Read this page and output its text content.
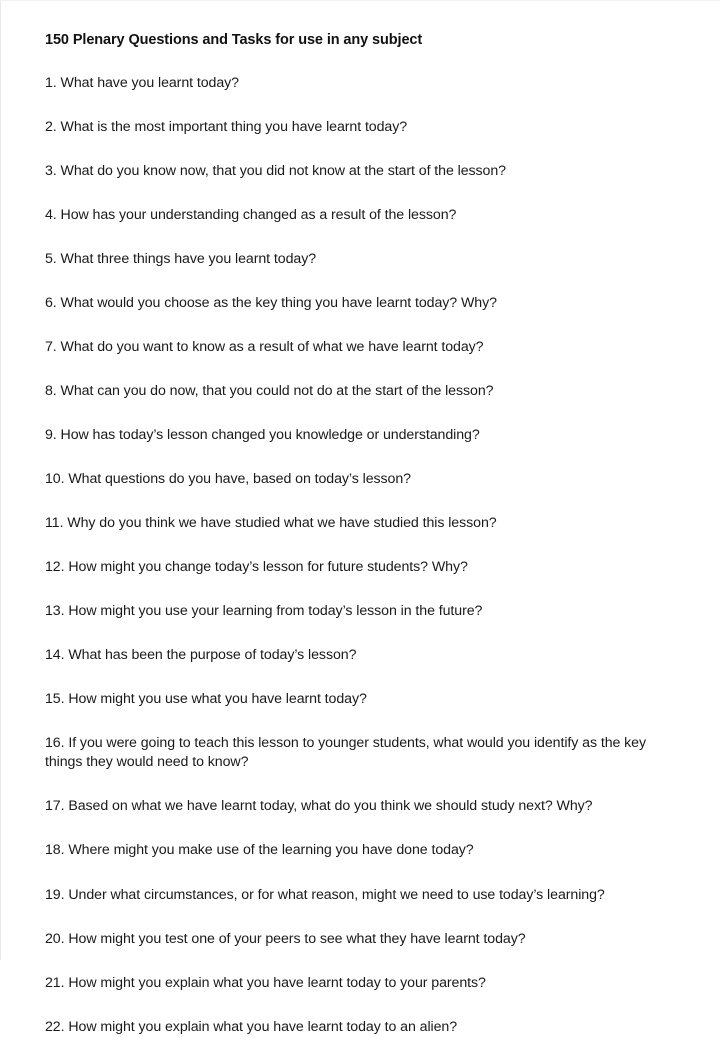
150 Plenary Questions and Tasks for use in any subject

1. What have you learnt today?

2. What is the most important thing you have learnt today?

3. What do you know now, that you did not know at the start of the lesson?

4. How has your understanding changed as a result of the lesson?

5. What three things have you learnt today?

6. What would you choose as the key thing you have learnt today? Why?

7. What do you want to know as a result of what we have learnt today?

8. What can you do now, that you could not do at the start of the lesson?

9. How has today’s lesson changed you knowledge or understanding?

10. What questions do you have, based on today’s lesson?

11. Why do you think we have studied what we have studied this lesson?

12. How might you change today’s lesson for future students? Why?

13. How might you use your learning from today’s lesson in the future?

14. What has been the purpose of today’s lesson?

15. How might you use what you have learnt today?

16. If you were going to teach this lesson to younger students, what would you identify as the key things they would need to know?

17. Based on what we have learnt today, what do you think we should study next? Why?

18. Where might you make use of the learning you have done today?

19. Under what circumstances, or for what reason, might we need to use today’s learning?

20. How might you test one of your peers to see what they have learnt today?

21. How might you explain what you have learnt today to your parents?

22. How might you explain what you have learnt today to an alien?
